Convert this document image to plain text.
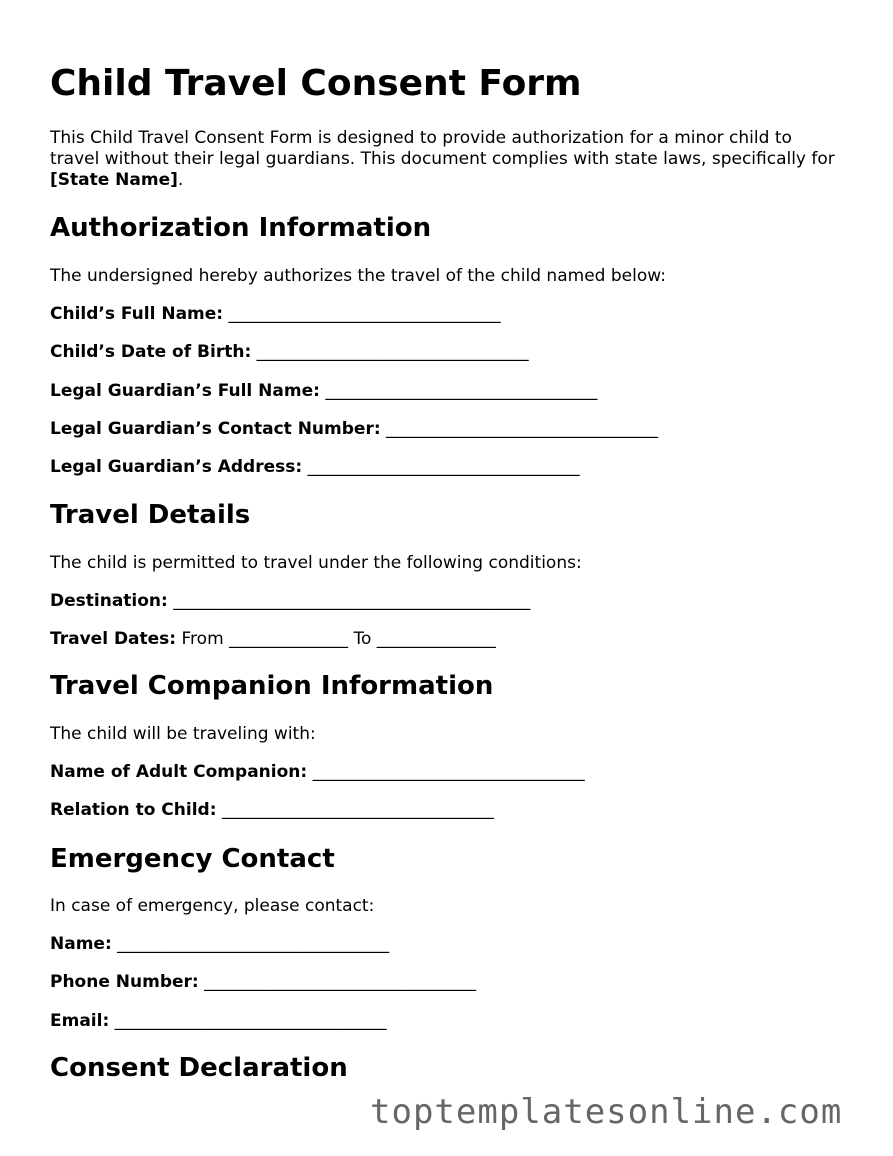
Child Travel Consent Form

This Child Travel Consent Form is designed to provide authorization for a minor child to travel without their legal guardians. This document complies with state laws, specifically for [State Name].

Authorization Information

The undersigned hereby authorizes the travel of the child named below:

Child’s Full Name: ________________________________

Child’s Date of Birth: ________________________________

Legal Guardian’s Full Name: ________________________________

Legal Guardian’s Contact Number: ________________________________

Legal Guardian’s Address: ________________________________

Travel Details

The child is permitted to travel under the following conditions:

Destination: __________________________________________

Travel Dates: From ______________ To ______________

Travel Companion Information

The child will be traveling with:

Name of Adult Companion: ________________________________

Relation to Child: ________________________________

Emergency Contact

In case of emergency, please contact:

Name: ________________________________

Phone Number: ________________________________

Email: ________________________________

Consent Declaration
toptemplatesonline.com
